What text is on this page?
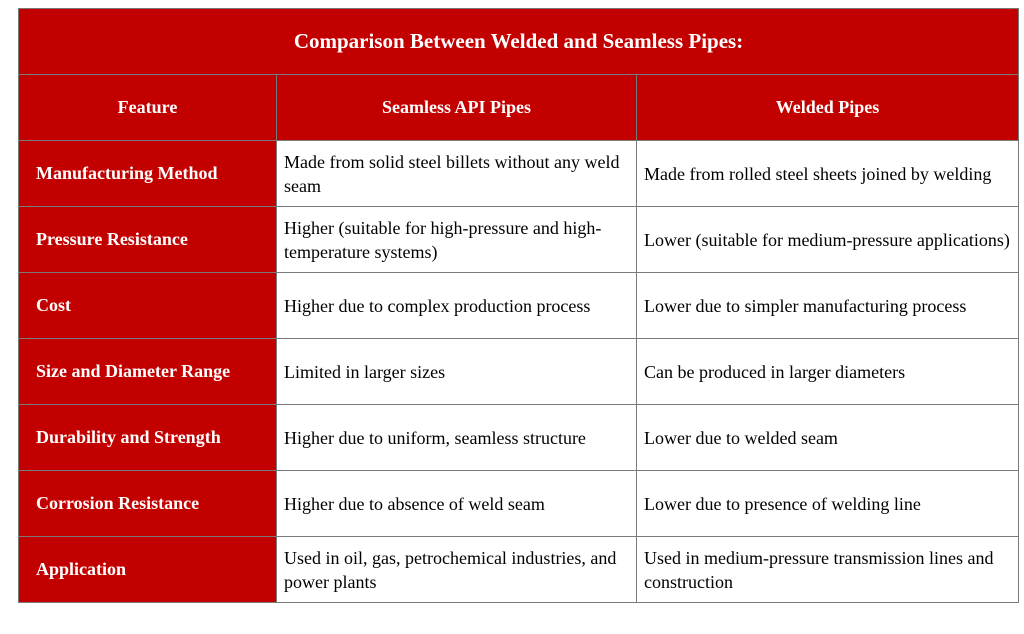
Comparison Between Welded and Seamless Pipes:		
Feature	Seamless API Pipes	Welded Pipes
Manufacturing Method	Made from solid steel billets without any weld seam	Made from rolled steel sheets joined by welding
Pressure Resistance	Higher (suitable for high-pressure and high-temperature systems)	Lower (suitable for medium-pressure applications)
Cost	Higher due to complex production process	Lower due to simpler manufacturing process
Size and Diameter Range	Limited in larger sizes	Can be produced in larger diameters
Durability and Strength	Higher due to uniform, seamless structure	Lower due to welded seam
Corrosion Resistance	Higher due to absence of weld seam	Lower due to presence of welding line
Application	Used in oil, gas, petrochemical industries, and power plants	Used in medium-pressure transmission lines and construction
